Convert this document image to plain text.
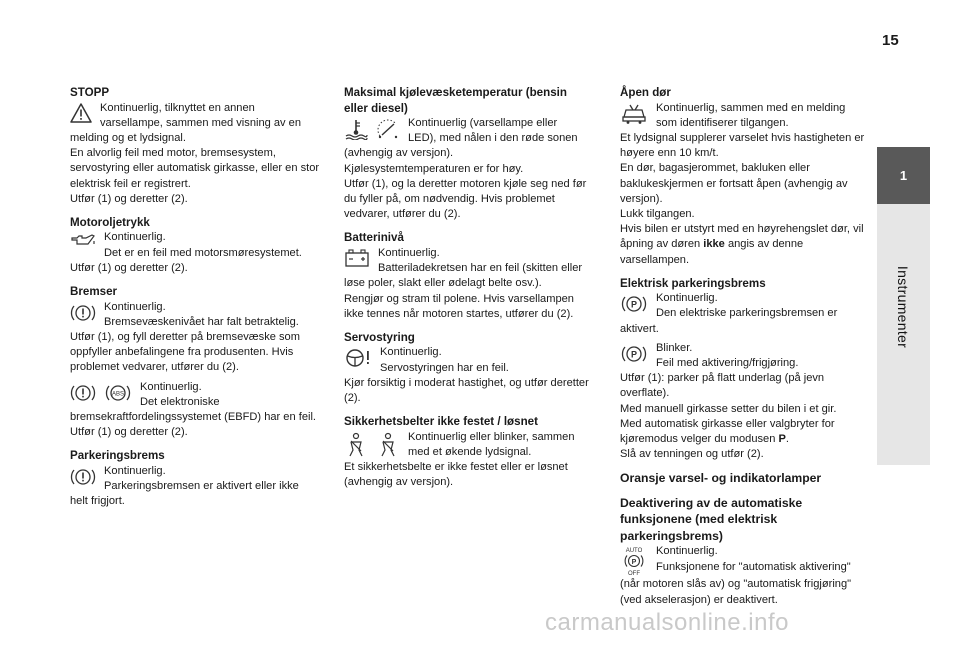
15
1
Instrumenter
STOPP
Kontinuerlig, tilknyttet en annen
varsellampe, sammen med visning av en
melding og et lydsignal.
En alvorlig feil med motor, bremsesystem, servostyring eller automatisk girkasse, eller en stor elektrisk feil er registrert.
Utfør (1) og deretter (2).
Motoroljetrykk
Kontinuerlig.
Det er en feil med motorsmøresystemet.
Utfør (1) og deretter (2).
Bremser
Kontinuerlig.
Bremsevæskenivået har falt betraktelig.
Utfør (1), og fyll deretter på bremsevæske som oppfyller anbefalingene fra produsenten. Hvis problemet vedvarer, utfører du (2).
ABS
Kontinuerlig.
Det elektroniske
bremsekraftfordelingssystemet (EBFD) har en feil.
Utfør (1) og deretter (2).
Parkeringsbrems
Kontinuerlig.
Parkeringsbremsen er aktivert eller ikke
helt frigjort.
Maksimal kjølevæsketemperatur (bensin eller diesel)
Kontinuerlig (varsellampe eller
LED), med nålen i den røde sonen
(avhengig av versjon).
Kjølesystemtemperaturen er for høy.
Utfør (1), og la deretter motoren kjøle seg ned før du fyller på, om nødvendig. Hvis problemet vedvarer, utfører du (2).
Batterinivå
Kontinuerlig.
Batteriladekretsen har en feil (skitten eller
løse poler, slakt eller ødelagt belte osv.).
Rengjør og stram til polene. Hvis varsellampen ikke tennes når motoren startes, utfører du (2).
Servostyring
Kontinuerlig.
Servostyringen har en feil.
Kjør forsiktig i moderat hastighet, og utfør deretter (2).
Sikkerhetsbelter ikke festet / løsnet
Kontinuerlig eller blinker, sammen
med et økende lydsignal.
Et sikkerhetsbelte er ikke festet eller er løsnet (avhengig av versjon).
Åpen dør
Kontinuerlig, sammen med en melding
som identifiserer tilgangen.
Et lydsignal supplerer varselet hvis hastigheten er høyere enn 10 km/t.
En dør, bagasjerommet, bakluken eller baklukeskjermen er fortsatt åpen (avhengig av versjon).
Lukk tilgangen.
Hvis bilen er utstyrt med en høyrehengslet dør, vil åpning av døren ikke angis av denne varsellampen.
Elektrisk parkeringsbrems
P
Kontinuerlig.
Den elektriske parkeringsbremsen er
aktivert.
P
Blinker.
Feil med aktivering/frigjøring.
Utfør (1): parker på flatt underlag (på jevn overflate).
Med manuell girkasse setter du bilen i et gir.
Med automatisk girkasse eller valgbryter for kjøremodus velger du modusen P.
Slå av tenningen og utfør (2).
Oransje varsel- og indikatorlamper
Deaktivering av de automatiske funksjonene (med elektrisk parkeringsbrems)
AUTO
P
OFF
Kontinuerlig.
Funksjonene for "automatisk aktivering"
(når motoren slås av) og "automatisk frigjøring" (ved akselerasjon) er deaktivert.
carmanualsonline.info
